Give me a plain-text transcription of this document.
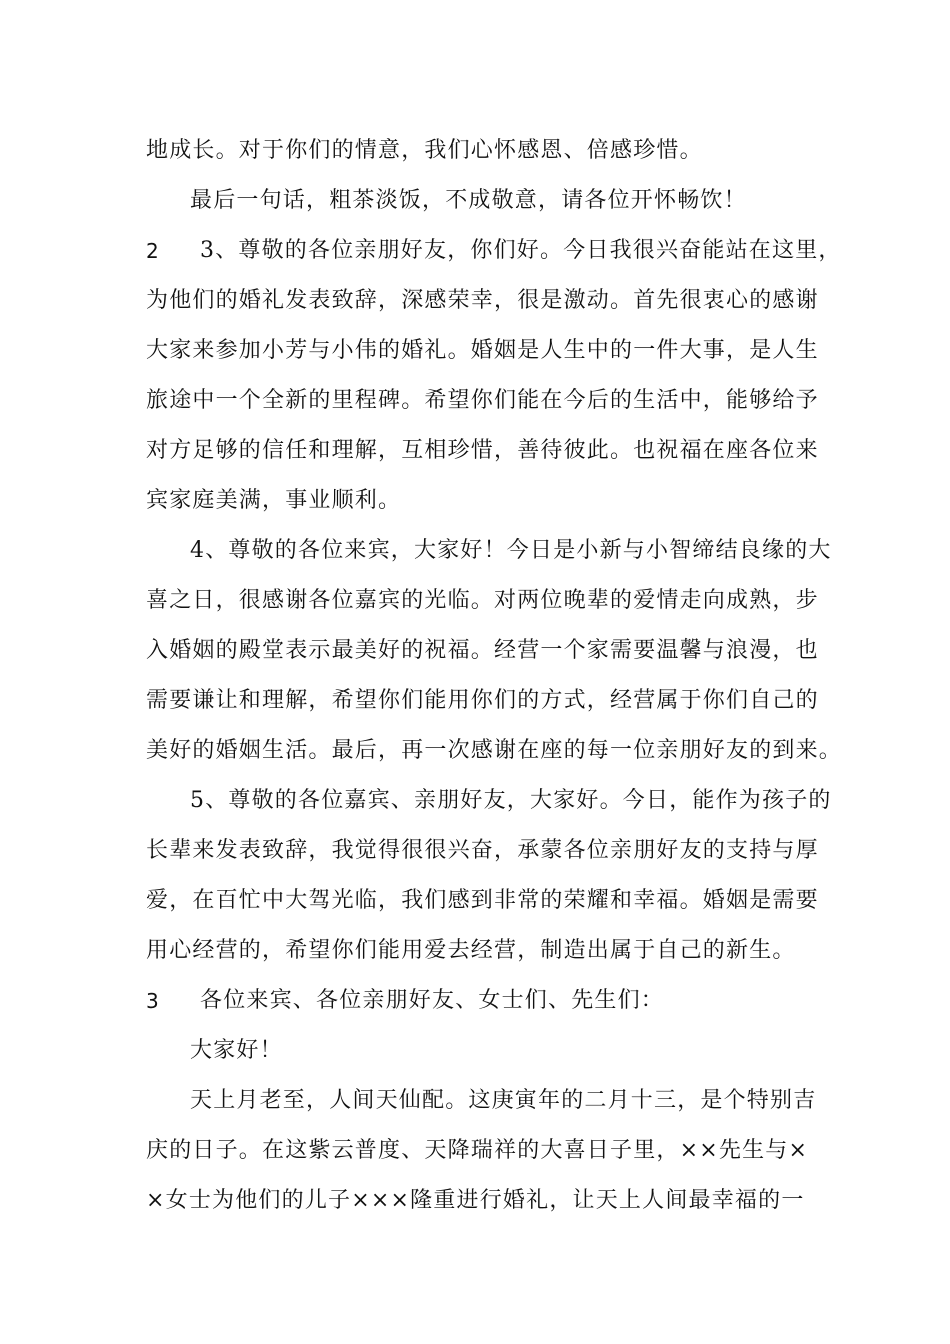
地成长。对于你们的情意，我们心怀感恩、倍感珍惜。
最后一句话，粗茶淡饭，不成敬意，请各位开怀畅饮！
2 3、尊敬的各位亲朋好友，你们好。今日我很兴奋能站在这里，
为他们的婚礼发表致辞，深感荣幸，很是激动。首先很衷心的感谢
大家来参加小芳与小伟的婚礼。婚姻是人生中的一件大事，是人生
旅途中一个全新的里程碑。希望你们能在今后的生活中，能够给予
对方足够的信任和理解，互相珍惜，善待彼此。也祝福在座各位来
宾家庭美满，事业顺利。
4、尊敬的各位来宾，大家好！今日是小新与小智缔结良缘的大
喜之日，很感谢各位嘉宾的光临。对两位晚辈的爱情走向成熟，步
入婚姻的殿堂表示最美好的祝福。经营一个家需要温馨与浪漫，也
需要谦让和理解，希望你们能用你们的方式，经营属于你们自己的
美好的婚姻生活。最后，再一次感谢在座的每一位亲朋好友的到来。
5、尊敬的各位嘉宾、亲朋好友，大家好。今日，能作为孩子的
长辈来发表致辞，我觉得很很兴奋，承蒙各位亲朋好友的支持与厚
爱，在百忙中大驾光临，我们感到非常的荣耀和幸福。婚姻是需要
用心经营的，希望你们能用爱去经营，制造出属于自己的新生。
3 各位来宾、各位亲朋好友、女士们、先生们：
大家好！
天上月老至，人间天仙配。这庚寅年的二月十三，是个特别吉
庆的日子。在这紫云普度、天降瑞祥的大喜日子里，××先生与×
×女士为他们的儿子×××隆重进行婚礼，让天上人间最幸福的一
